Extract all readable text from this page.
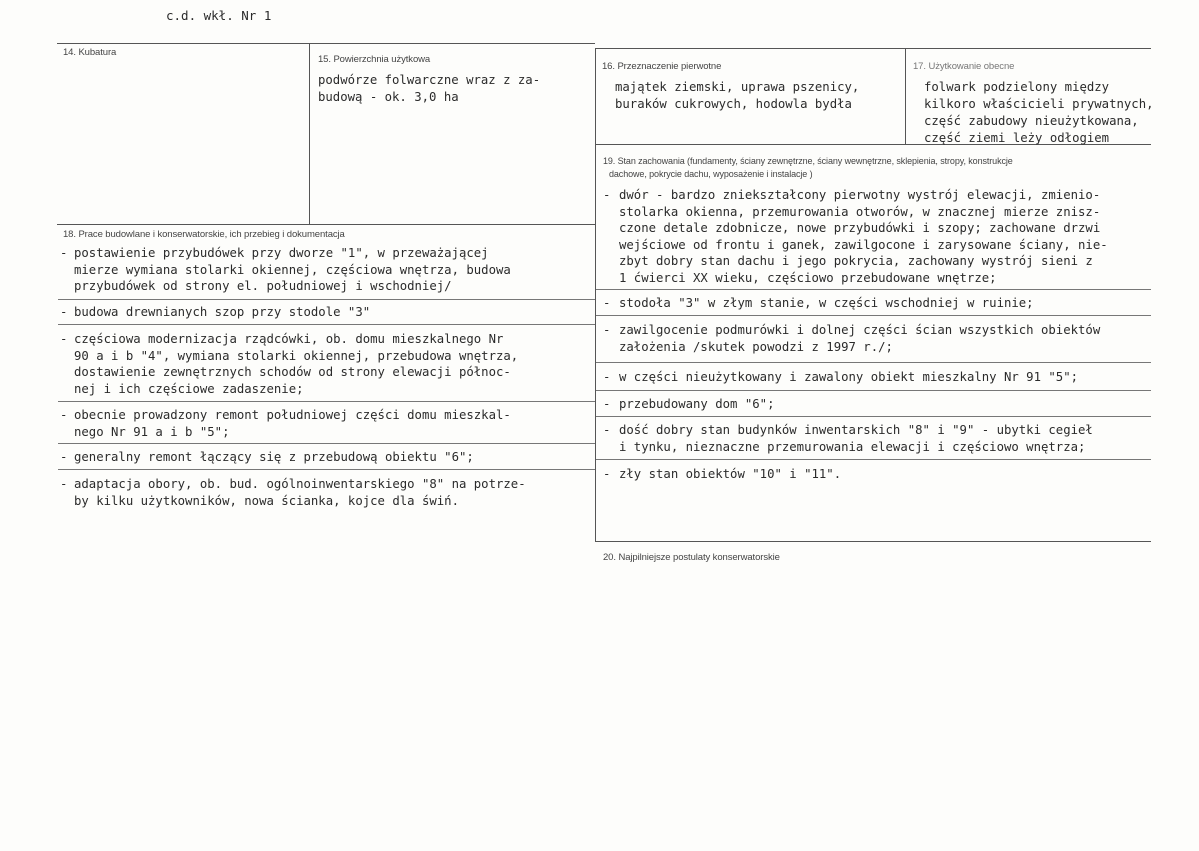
c.d. wkł. Nr 1
14. Kubatura
15. Powierzchnia użytkowa
podwórze folwarczne wraz z za-
budową - ok. 3,0 ha
16. Przeznaczenie pierwotne
majątek ziemski, uprawa pszenicy,
buraków cukrowych, hodowla bydła
17. Użytkowanie obecne
folwark podzielony między
kilkoro właścicieli prywatnych,
część zabudowy nieużytkowana,
część ziemi leży odłogiem
18. Prace budowlane i konserwatorskie, ich przebieg i dokumentacja
- postawienie przybudówek przy dworze "1", w przeważającej
mierze wymiana stolarki okiennej, częściowa wnętrza, budowa
przybudówek od strony el. południowej i wschodniej/
- budowa drewnianych szop przy stodole "3"
- częściowa modernizacja rządcówki, ob. domu mieszkalnego Nr
90 a i b "4", wymiana stolarki okiennej, przebudowa wnętrza,
dostawienie zewnętrznych schodów od strony elewacji północ-
nej i ich częściowe zadaszenie;
- obecnie prowadzony remont południowej części domu mieszkal-
nego Nr 91 a i b "5";
- generalny remont łączący się z przebudową obiektu "6";
- adaptacja obory, ob. bud. ogólnoinwentarskiego "8" na potrze-
by kilku użytkowników, nowa ścianka, kojce dla świń.
19. Stan zachowania (fundamenty, ściany zewnętrzne, ściany wewnętrzne, sklepienia, stropy, konstrukcje
dachowe, pokrycie dachu, wyposażenie i instalacje )
- dwór - bardzo zniekształcony pierwotny wystrój elewacji, zmienio-
stolarka okienna, przemurowania otworów, w znacznej mierze znisz-
czone detale zdobnicze, nowe przybudówki i szopy; zachowane drzwi
wejściowe od frontu i ganek, zawilgocone i zarysowane ściany, nie-
zbyt dobry stan dachu i jego pokrycia, zachowany wystrój sieni z
1 ćwierci XX wieku, częściowo przebudowane wnętrze;
- stodoła "3" w złym stanie, w części wschodniej w ruinie;
- zawilgocenie podmurówki i dolnej części ścian wszystkich obiektów
założenia /skutek powodzi z 1997 r./;
- w części nieużytkowany i zawalony obiekt mieszkalny Nr 91 "5";
- przebudowany dom "6";
- dość dobry stan budynków inwentarskich "8" i "9" - ubytki cegieł
i tynku, nieznaczne przemurowania elewacji i częściowo wnętrza;
- zły stan obiektów "10" i "11".
20. Najpilniejsze postulaty konserwatorskie
